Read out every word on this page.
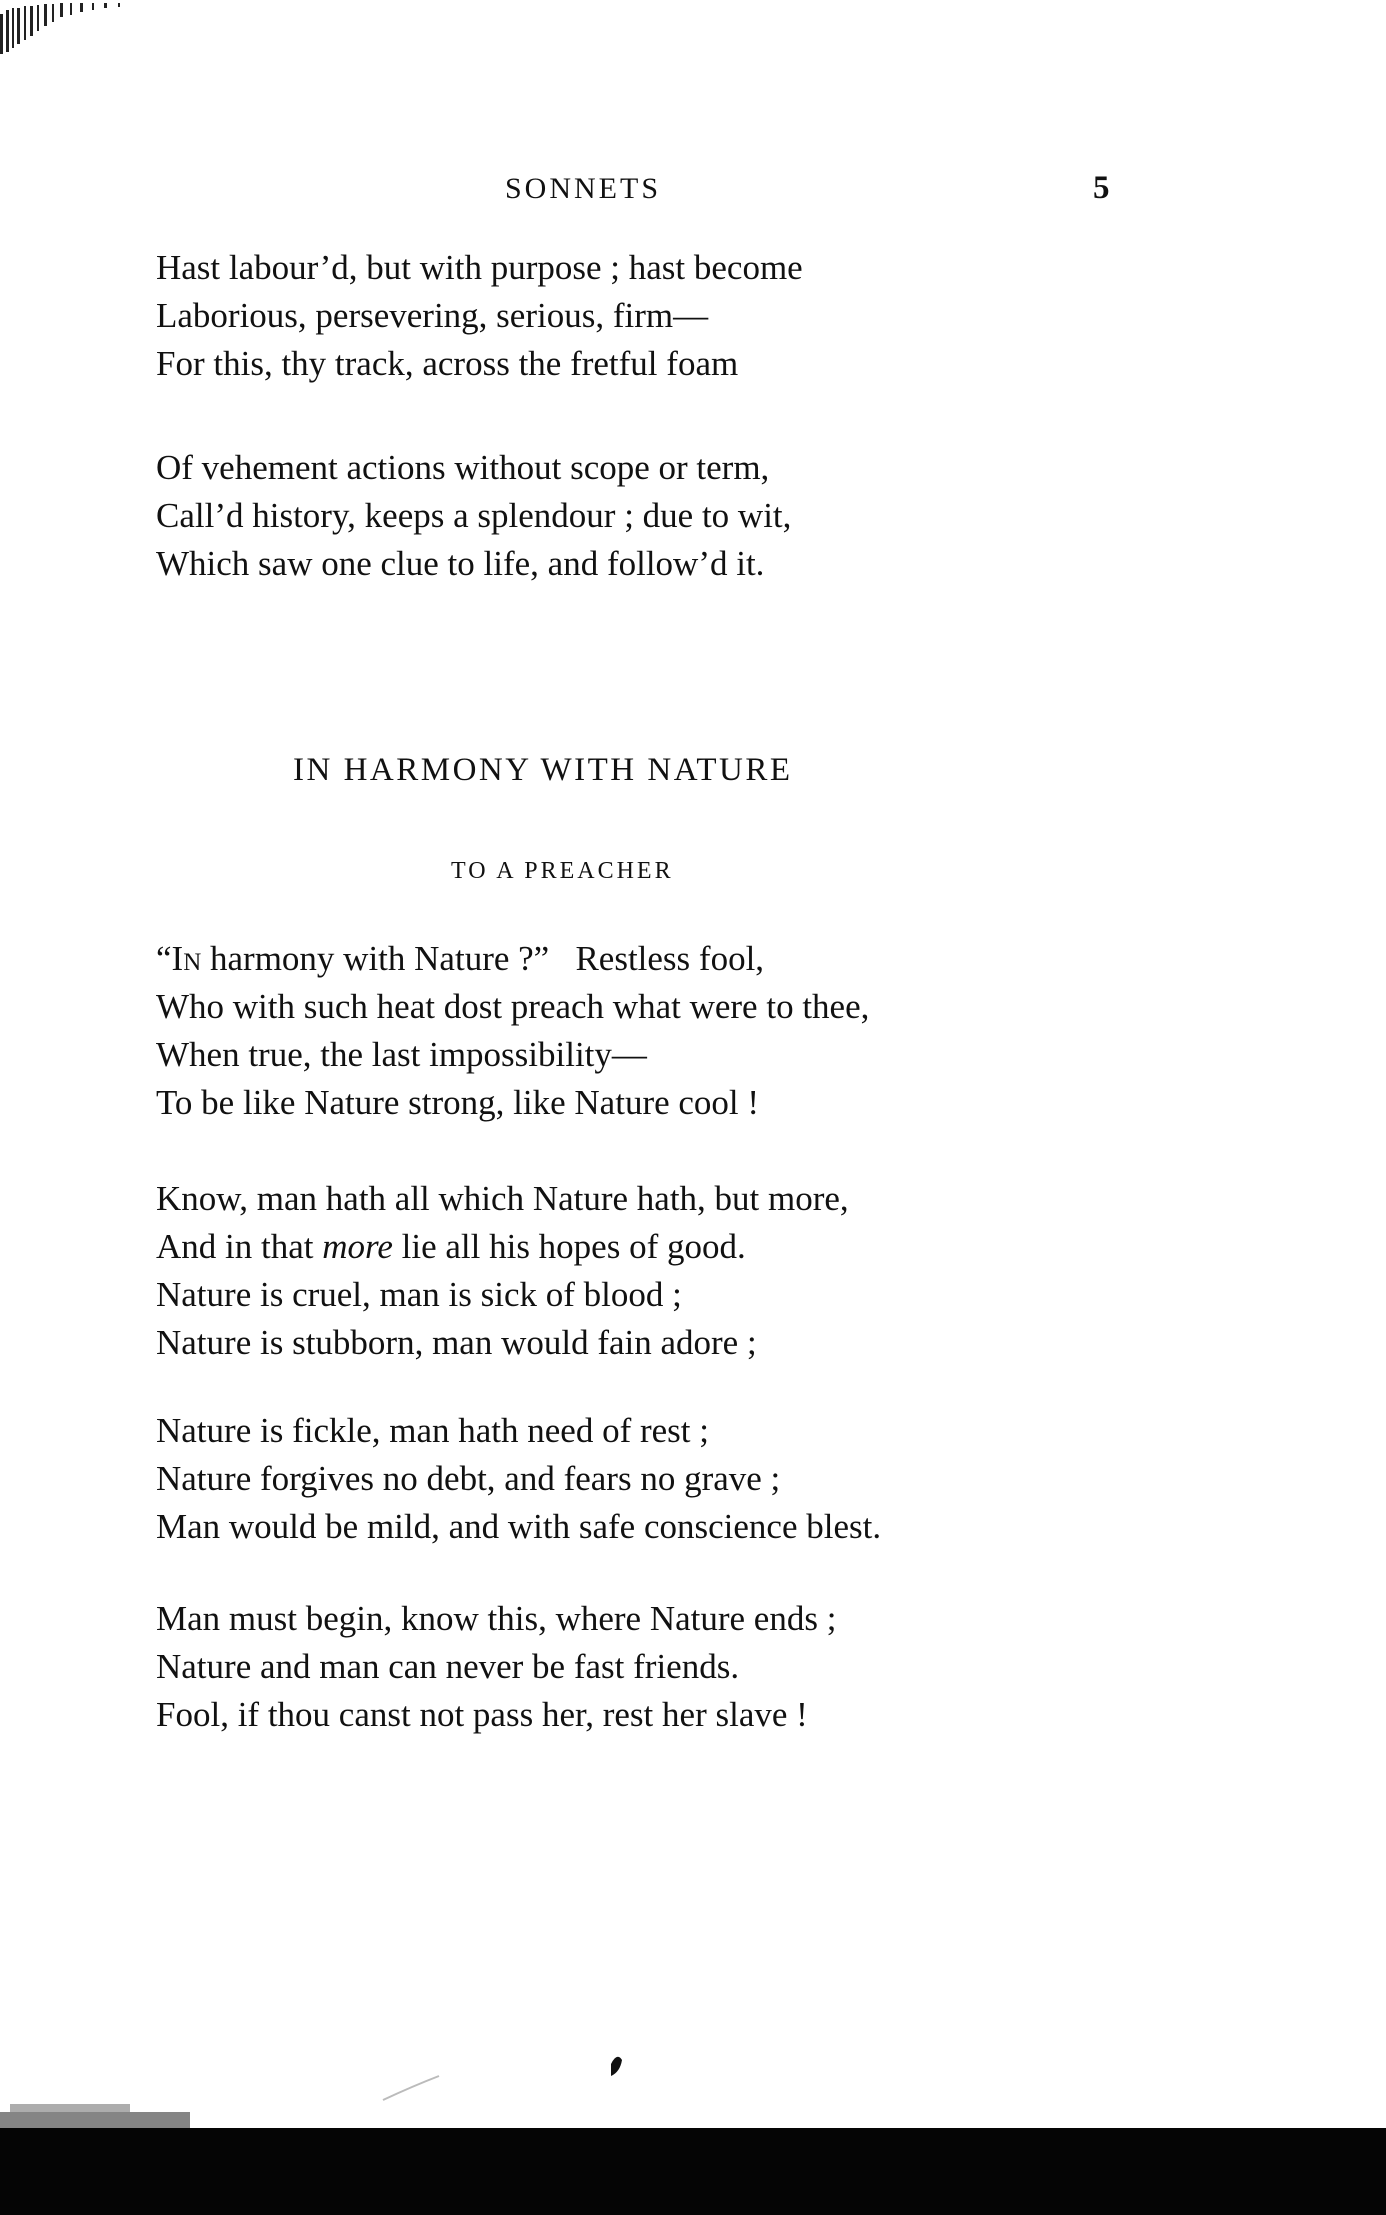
SONNETS	5
Hast labour’d, but with purpose ; hast become
Laborious, persevering, serious, firm—
For this, thy track, across the fretful foam
Of vehement actions without scope or term,
Call’d history, keeps a splendour ; due to wit,
Which saw one clue to life, and follow’d it.
IN HARMONY WITH NATURE
TO A PREACHER
“In harmony with Nature ?”   Restless fool,
Who with such heat dost preach what were to thee,
When true, the last impossibility—
To be like Nature strong, like Nature cool !
Know, man hath all which Nature hath, but more,
And in that more lie all his hopes of good.
Nature is cruel, man is sick of blood ;
Nature is stubborn, man would fain adore ;
Nature is fickle, man hath need of rest ;
Nature forgives no debt, and fears no grave ;
Man would be mild, and with safe conscience blest.
Man must begin, know this, where Nature ends ;
Nature and man can never be fast friends.
Fool, if thou canst not pass her, rest her slave !
